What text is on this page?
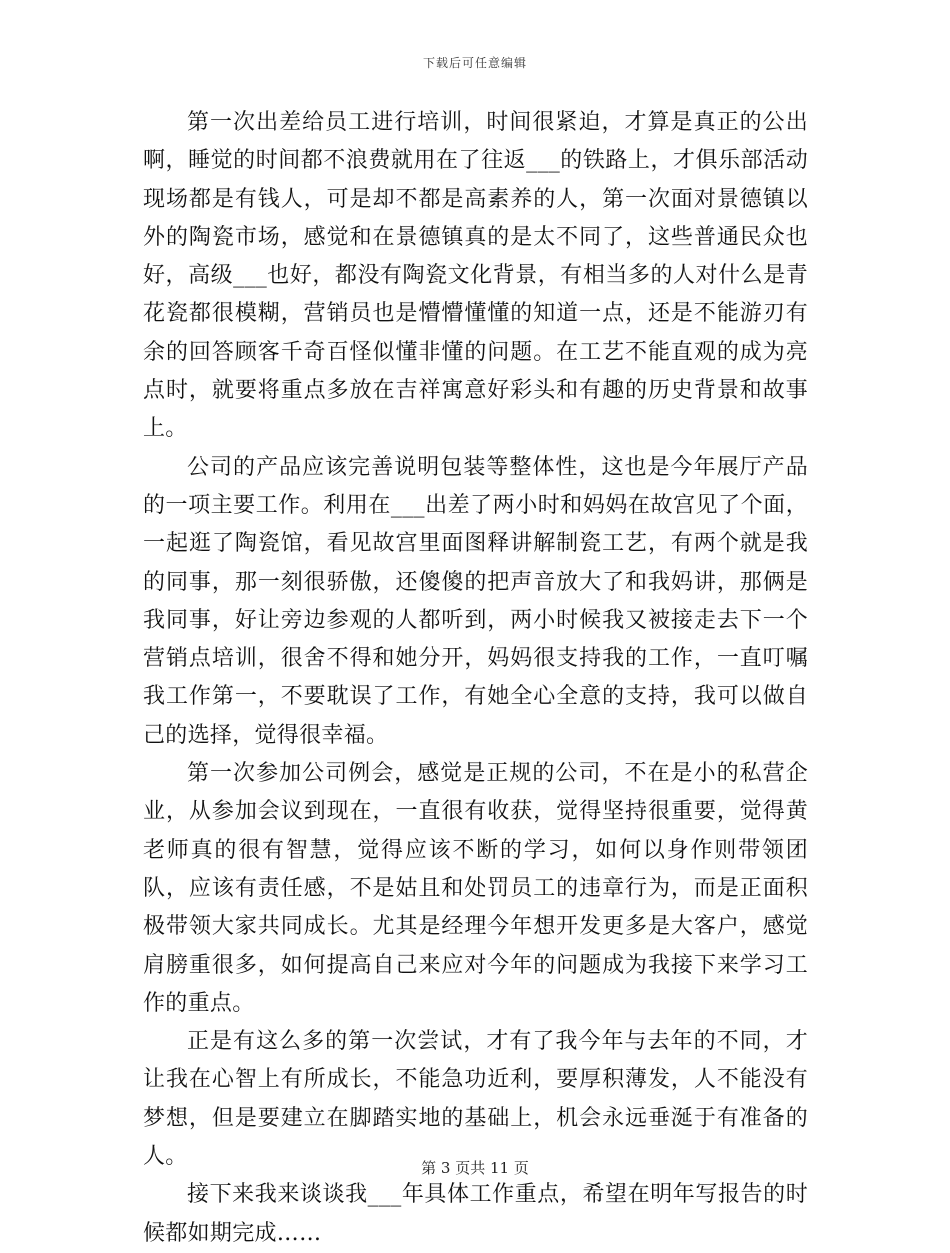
下载后可任意编辑

第一次出差给员工进行培训，时间很紧迫，才算是真正的公出啊，睡觉的时间都不浪费就用在了往返___的铁路上，才俱乐部活动现场都是有钱人，可是却不都是高素养的人，第一次面对景德镇以外的陶瓷市场，感觉和在景德镇真的是太不同了，这些普通民众也好，高级___也好，都没有陶瓷文化背景，有相当多的人对什么是青花瓷都很模糊，营销员也是懵懵懂懂的知道一点，还是不能游刃有余的回答顾客千奇百怪似懂非懂的问题。在工艺不能直观的成为亮点时，就要将重点多放在吉祥寓意好彩头和有趣的历史背景和故事上。

公司的产品应该完善说明包装等整体性，这也是今年展厅产品的一项主要工作。利用在___出差了两小时和妈妈在故宫见了个面，一起逛了陶瓷馆，看见故宫里面图释讲解制瓷工艺，有两个就是我的同事，那一刻很骄傲，还傻傻的把声音放大了和我妈讲，那俩是我同事，好让旁边参观的人都听到，两小时候我又被接走去下一个营销点培训，很舍不得和她分开，妈妈很支持我的工作，一直叮嘱我工作第一，不要耽误了工作，有她全心全意的支持，我可以做自己的选择，觉得很幸福。

第一次参加公司例会，感觉是正规的公司，不在是小的私营企业，从参加会议到现在，一直很有收获，觉得坚持很重要，觉得黄老师真的很有智慧，觉得应该不断的学习，如何以身作则带领团队，应该有责任感，不是姑且和处罚员工的违章行为，而是正面积极带领大家共同成长。尤其是经理今年想开发更多是大客户，感觉肩膀重很多，如何提高自己来应对今年的问题成为我接下来学习工作的重点。

正是有这么多的第一次尝试，才有了我今年与去年的不同，才让我在心智上有所成长，不能急功近利，要厚积薄发，人不能没有梦想，但是要建立在脚踏实地的基础上，机会永远垂涎于有准备的人。

接下来我来谈谈我___年具体工作重点，希望在明年写报告的时候都如期完成……

第 3 页共 11 页
